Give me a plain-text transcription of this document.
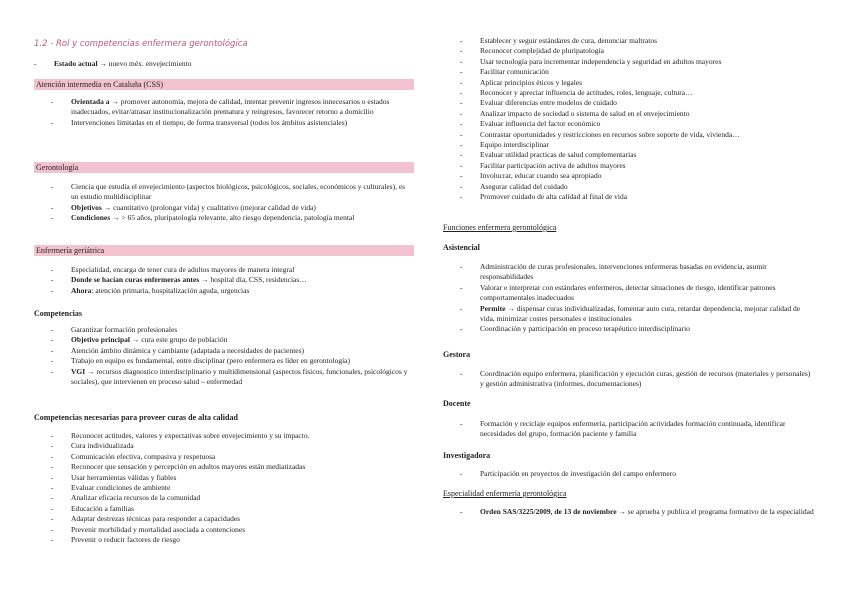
1.2 - Rol y competencias enfermera gerontológica
- Estado actual → nuevo méx. envejecimiento
Atención intermedia en Cataluña (CSS)
- Orientada a → promover autonomía, mejora de calidad, intentar prevenir ingresos innecesarios o estados inadecuados, evitar/atrasar institucionalización prematura y reingresos, favorecer retorno a domicilio
- Intervenciones limitadas en el tiempo, de forma transversal (todos los ámbitos asistenciales)
Gerontología
- Ciencia que estudia el envejecimiento (aspectos biológicos, psicológicos, sociales, económicos y culturales), es un estudio multidisciplinar
- Objetivos → cuantitativo (prolongar vida) y cualitativo (mejorar calidad de vida)
- Condiciones → > 65 años, pluripatología relevante, alto riesgo dependencia, patología mental
Enfermería geriátrica
- Especialidad, encarga de tener cura de adultos mayores de manera integral
- Donde se hacían curas enfermeras antes → hospital día, CSS, residencias…
- Ahora: atención primaria, hospitalización aguda, urgencias
Competencias
- Garantizar formación profesionales
- Objetivo principal → cura este grupo de población
- Atención ámbito dinámica y cambiante (adaptada a necesidades de pacientes)
- Trabajo en equipo es fundamental, entre disciplinar (pero enfermera es líder en gerontología)
- VGI → recursos diagnostico interdisciplinario y multidimensional (aspectos físicos, funcionales, psicológicos y sociales), que intervienen en proceso salud – enfermedad
Competencias necesarias para proveer curas de alta calidad
- Reconocer actitudes, valores y expectativas sobre envejecimiento y su impacto.
- Cura individualizada
- Comunicación efectiva, compasiva y respetuosa
- Reconocer que sensación y percepción en adultos mayores están mediatizadas
- Usar herramientas válidas y fiables
- Evaluar condiciones de ambiente
- Analizar eficacia recursos de la comunidad
- Educación a familias
- Adaptar destrezas técnicas para responder a capacidades
- Prevenir morbilidad y mortalidad asociada a contenciones
- Prevenir o reducir factores de riesgo
- Establecer y seguir estándares de cura, denunciar maltratos
- Reconocer complejidad de pluripatología
- Usar tecnología para incrementar independencia y seguridad en adultos mayores
- Facilitar comunicación
- Aplicar principios éticos y legales
- Reconocer y apreciar influencia de actitudes, roles, lenguaje, cultura…
- Evaluar diferencias entre modelos de cuidado
- Analizar impacto de sociedad o sistema de salud en el envejecimiento
- Evaluar influencia del factor económico
- Contrastar oportunidades y restricciones en recursos sobre soporte de vida, vivienda…
- Equipo interdisciplinar
- Evaluar utilidad practicas de salud complementarias
- Facilitar participación activa de adultos mayores
- Involucrar, educar cuando sea apropiado
- Asegurar calidad del cuidado
- Promover cuidado de alta calidad al final de vida
Funciones enfermera gerontológica
Asistencial
- Administración de curas profesionales, intervenciones enfermeras basadas en evidencia, asumir responsabilidades
- Valorar e interpretar con estándares enfermeros, detectar situaciones de riesgo, identificar patrones comportamentales inadecuados
- Permite → dispensar curas individualizadas, fomentar auto cura, retardar dependencia, mejorar calidad de vida, minimizar costes personales e institucionales
- Coordinación y participación en proceso terapéutico interdisciplinario
Gestora
- Coordinación equipo enfermera, planificación y ejecución curas, gestión de recursos (materiales y personales) y gestión administrativa (informes, documentaciones)
Docente
- Formación y reciclaje equipos enfermería, participación actividades formación continuada, identificar necesidades del grupo, formación paciente y familia
Investigadora
- Participación en proyectos de investigación del campo enfermero
Especialidad enfermería gerontológica
- Orden SAS/3225/2009, de 13 de noviembre → se aprueba y publica el programa formativo de la especialidad
